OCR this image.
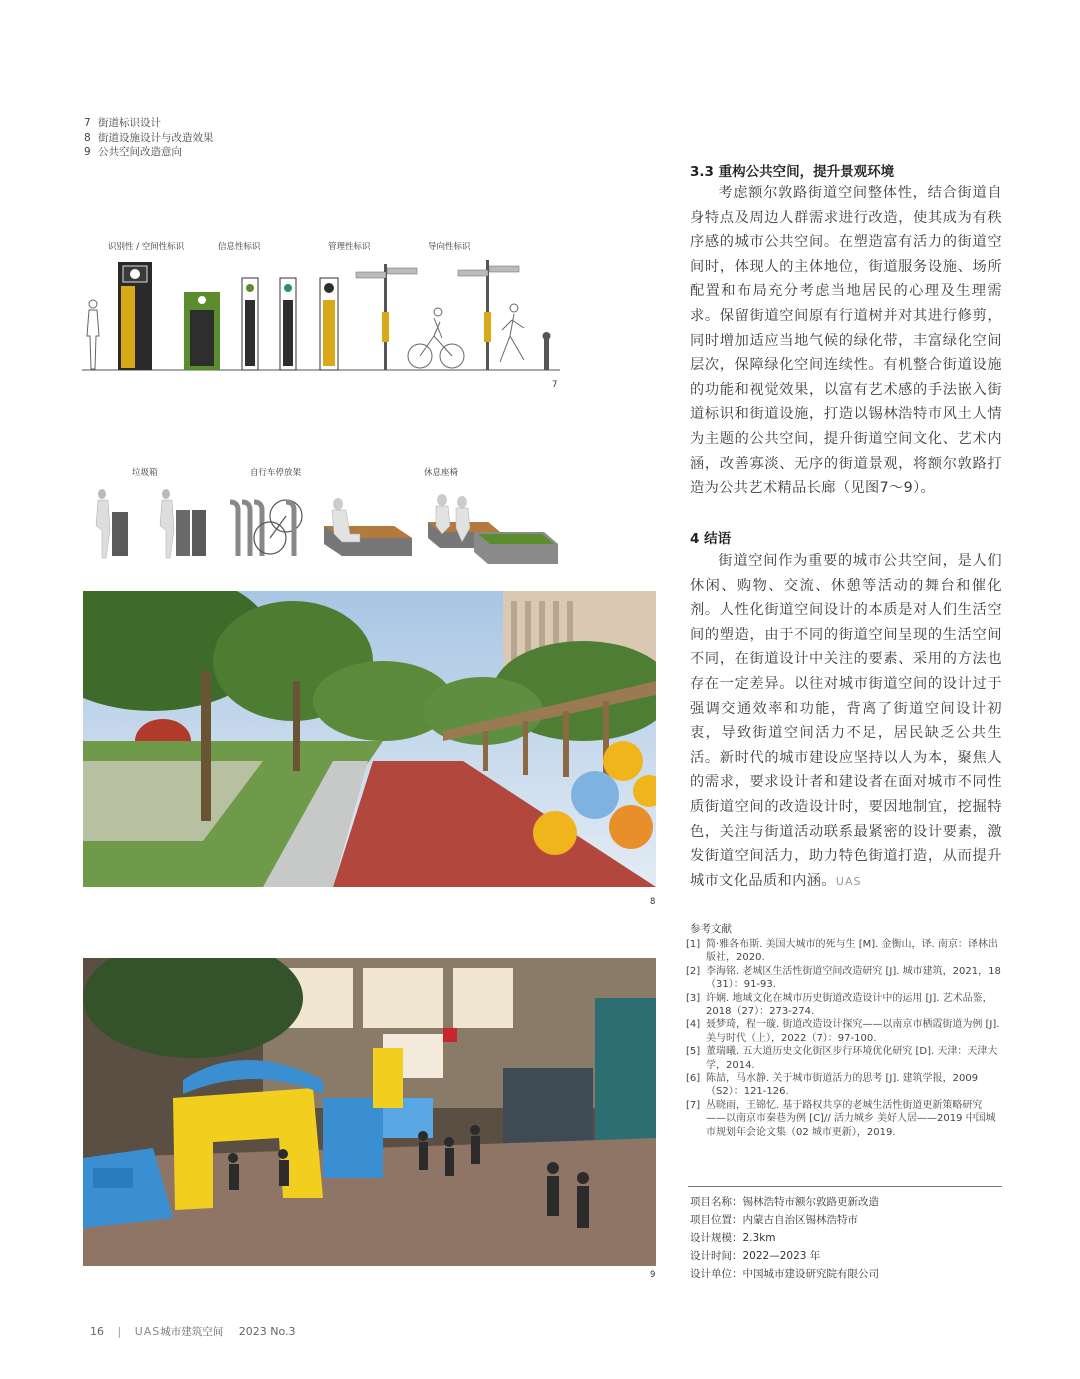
7 街道标识设计
8 街道设施设计与改造效果
9 公共空间改造意向
识别性 / 空间性标识	信息性标识	管理性标识	导向性标识
7
垃圾箱	自行车停放架	休息座椅
8
9
3.3 重构公共空间，提升景观环境

考虑额尔敦路街道空间整体性，结合街道自身特点及周边人群需求进行改造，使其成为有秩序感的城市公共空间。在塑造富有活力的街道空间时，体现人的主体地位，街道服务设施、场所配置和布局充分考虑当地居民的心理及生理需求。保留街道空间原有行道树并对其进行修剪，同时增加适应当地气候的绿化带，丰富绿化空间层次，保障绿化空间连续性。有机整合街道设施的功能和视觉效果，以富有艺术感的手法嵌入街道标识和街道设施，打造以锡林浩特市风土人情为主题的公共空间，提升街道空间文化、艺术内涵，改善寡淡、无序的街道景观，将额尔敦路打造为公共艺术精品长廊（见图7～9）。

4 结语

街道空间作为重要的城市公共空间，是人们休闲、购物、交流、休憩等活动的舞台和催化剂。人性化街道空间设计的本质是对人们生活空间的塑造，由于不同的街道空间呈现的生活空间不同，在街道设计中关注的要素、采用的方法也存在一定差异。以往对城市街道空间的设计过于强调交通效率和功能，背离了街道空间设计初衷，导致街道空间活力不足，居民缺乏公共生活。新时代的城市建设应坚持以人为本，聚焦人的需求，要求设计者和建设者在面对城市不同性质街道空间的改造设计时，要因地制宜，挖掘特色，关注与街道活动联系最紧密的设计要素，激发街道空间活力，助力特色街道打造，从而提升城市文化品质和内涵。UAS

参考文献
[1] 简·雅各布斯. 美国大城市的死与生 [M]. 金衡山，译. 南京：译林出版社，2020.
[2] 李海铭. 老城区生活性街道空间改造研究 [J]. 城市建筑，2021，18（31）：91-93.
[3] 许娴. 地域文化在城市历史街道改造设计中的运用 [J]. 艺术品鉴，2018（27）：273-274.
[4] 聂梦琦，程一璇. 街道改造设计探究——以南京市栖霞街道为例 [J]. 美与时代（上），2022（7）：97-100.
[5] 董瑞曦. 五大道历史文化街区步行环境优化研究 [D]. 天津：天津大学，2014.
[6] 陈喆，马水静. 关于城市街道活力的思考 [J]. 建筑学报，2009（S2）：121-126.
[7] 丛晓雨，王锦忆. 基于路权共享的老城生活性街道更新策略研究——以南京市秦巷为例 [C]// 活力城乡 美好人居——2019 中国城市规划年会论文集（02 城市更新），2019.
项目名称：锡林浩特市额尔敦路更新改造
项目位置：内蒙古自治区锡林浩特市
设计规模：2.3km
设计时间：2022—2023 年
设计单位：中国城市建设研究院有限公司
16 | UAS城市建筑空间 2023 No.3
